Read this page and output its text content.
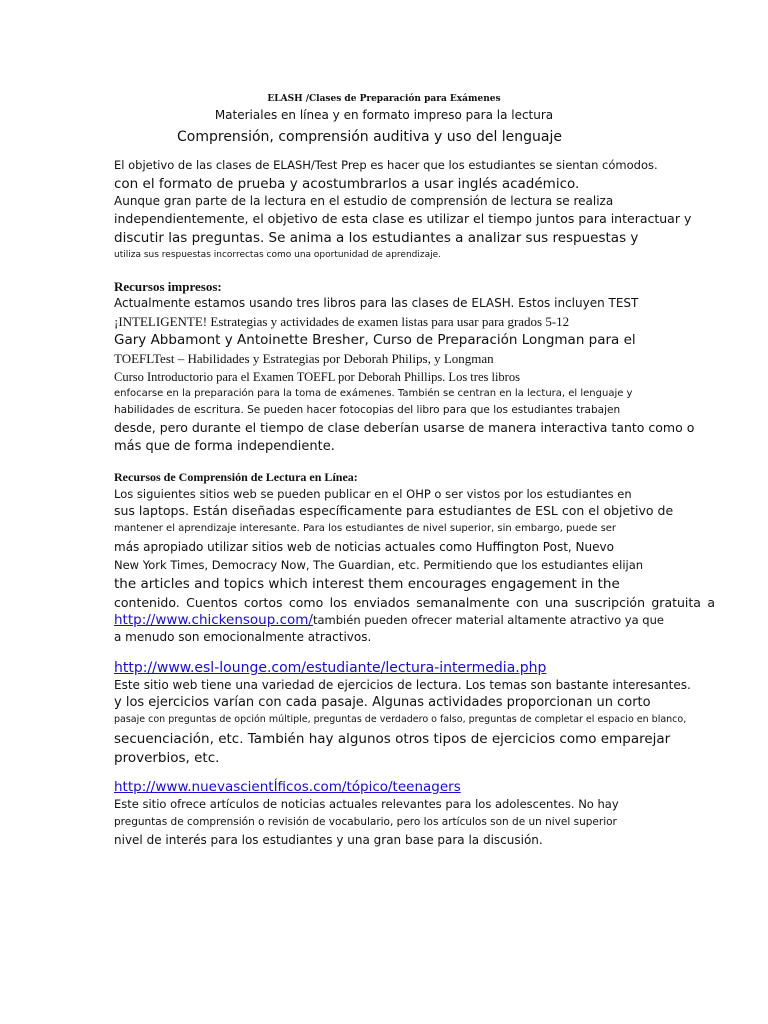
ELASH /Clases de Preparación para Exámenes
Materiales en línea y en formato impreso para la lectura
Comprensión, comprensión auditiva y uso del lenguaje
El objetivo de las clases de ELASH/Test Prep es hacer que los estudiantes se sientan cómodos.
con el formato de prueba y acostumbrarlos a usar inglés académico.
Aunque gran parte de la lectura en el estudio de comprensión de lectura se realiza
independientemente, el objetivo de esta clase es utilizar el tiempo juntos para interactuar y
discutir las preguntas. Se anima a los estudiantes a analizar sus respuestas y
utiliza sus respuestas incorrectas como una oportunidad de aprendizaje.
Recursos impresos:
Actualmente estamos usando tres libros para las clases de ELASH. Estos incluyen TEST
¡INTELIGENTE! Estrategias y actividades de examen listas para usar para grados 5-12
Gary Abbamont y Antoinette Bresher, Curso de Preparación Longman para el
TOEFLTest – Habilidades y Estrategias por Deborah Philips, y Longman
Curso Introductorio para el Examen TOEFL por Deborah Phillips. Los tres libros
enfocarse en la preparación para la toma de exámenes. También se centran en la lectura, el lenguaje y
habilidades de escritura. Se pueden hacer fotocopias del libro para que los estudiantes trabajen
desde, pero durante el tiempo de clase deberían usarse de manera interactiva tanto como o
más que de forma independiente.
Recursos de Comprensión de Lectura en Línea:
Los siguientes sitios web se pueden publicar en el OHP o ser vistos por los estudiantes en
sus laptops. Están diseñadas específicamente para estudiantes de ESL con el objetivo de
mantener el aprendizaje interesante. Para los estudiantes de nivel superior, sin embargo, puede ser
más apropiado utilizar sitios web de noticias actuales como Huffington Post, Nuevo
New York Times, Democracy Now, The Guardian, etc. Permitiendo que los estudiantes elijan
the articles and topics which interest them encourages engagement in the
contenido. Cuentos cortos como los enviados semanalmente con una suscripción gratuita a
http://www.chickensoup.com/también pueden ofrecer material altamente atractivo ya que
a menudo son emocionalmente atractivos.
http://www.esl-lounge.com/estudiante/lectura-intermedia.php
Este sitio web tiene una variedad de ejercicios de lectura. Los temas son bastante interesantes.
y los ejercicios varían con cada pasaje. Algunas actividades proporcionan un corto
pasaje con preguntas de opción múltiple, preguntas de verdadero o falso, preguntas de completar el espacio en blanco,
secuenciación, etc. También hay algunos otros tipos de ejercicios como emparejar
proverbios, etc.
http://www.nuevascientÍficos.com/tópico/teenagers
Este sitio ofrece artículos de noticias actuales relevantes para los adolescentes. No hay
preguntas de comprensión o revisión de vocabulario, pero los artículos son de un nivel superior
nivel de interés para los estudiantes y una gran base para la discusión.
